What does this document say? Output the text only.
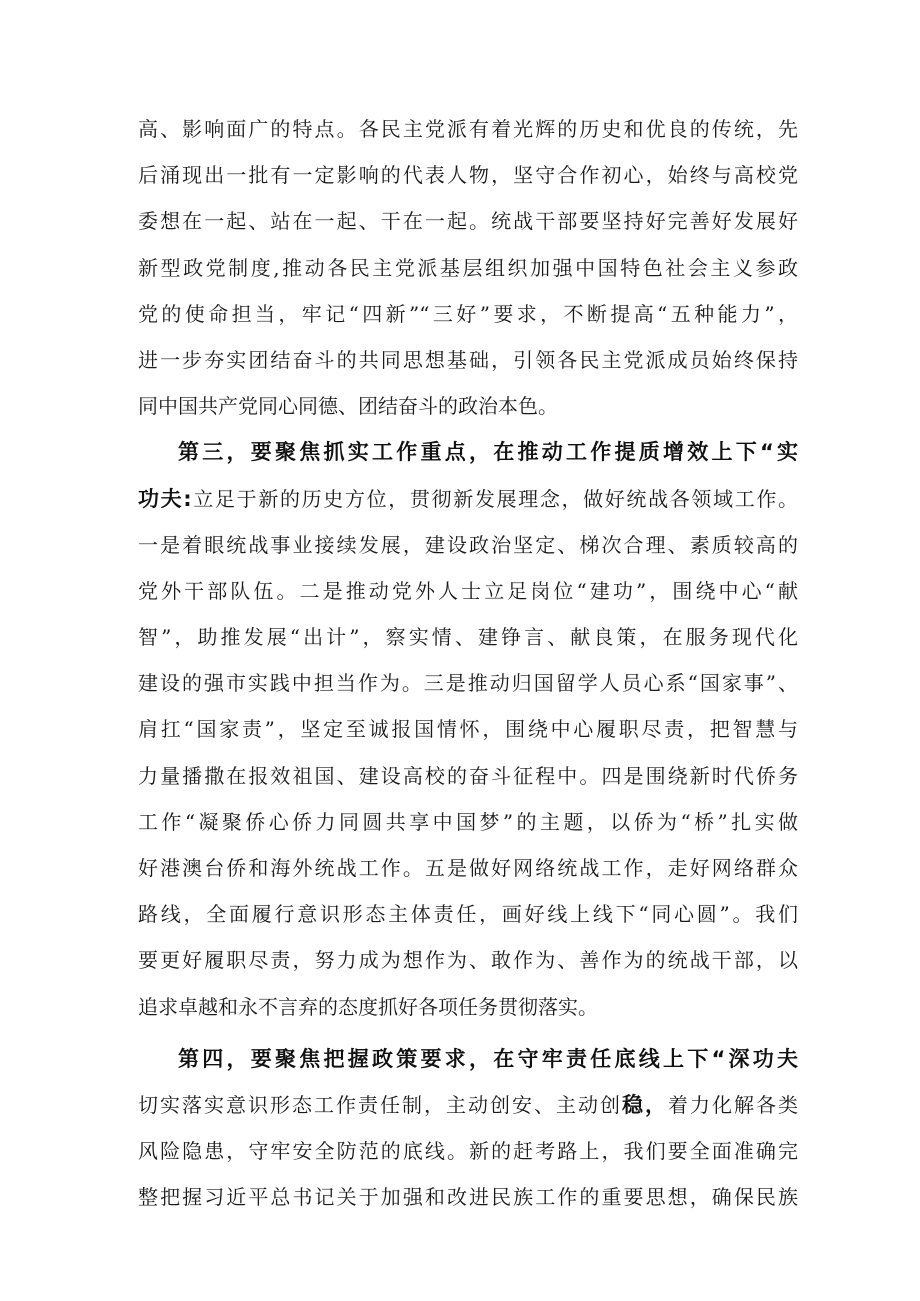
高、影响面广的特点。各民主党派有着光辉的历史和优良的传统，先
后涌现出一批有一定影响的代表人物，坚守合作初心，始终与高校党
委想在一起、站在一起、干在一起。统战干部要坚持好完善好发展好
新型政党制度,推动各民主党派基层组织加强中国特色社会主义参政
党的使命担当，牢记“四新”“三好”要求，不断提高“五种能力”，
进一步夯实团结奋斗的共同思想基础，引领各民主党派成员始终保持
同中国共产党同心同德、团结奋斗的政治本色。
第三，要聚焦抓实工作重点，在推动工作提质增效上下“实
功夫:立足于新的历史方位，贯彻新发展理念，做好统战各领域工作。
一是着眼统战事业接续发展，建设政治坚定、梯次合理、素质较高的
党外干部队伍。二是推动党外人士立足岗位“建功”，围绕中心“献
智”，助推发展“出计”，察实情、建铮言、献良策，在服务现代化
建设的强市实践中担当作为。三是推动归国留学人员心系“国家事”、
肩扛“国家责”，坚定至诚报国情怀，围绕中心履职尽责，把智慧与
力量播撒在报效祖国、建设高校的奋斗征程中。四是围绕新时代侨务
工作“凝聚侨心侨力同圆共享中国梦”的主题，以侨为“桥”扎实做
好港澳台侨和海外统战工作。五是做好网络统战工作，走好网络群众
路线，全面履行意识形态主体责任，画好线上线下“同心圆”。我们
要更好履职尽责，努力成为想作为、敢作为、善作为的统战干部，以
追求卓越和永不言弃的态度抓好各项任务贯彻落实。
第四，要聚焦把握政策要求，在守牢责任底线上下“深功夫
切实落实意识形态工作责任制，主动创安、主动创稳，着力化解各类
风险隐患，守牢安全防范的底线。新的赶考路上，我们要全面准确完
整把握习近平总书记关于加强和改进民族工作的重要思想，确保民族
